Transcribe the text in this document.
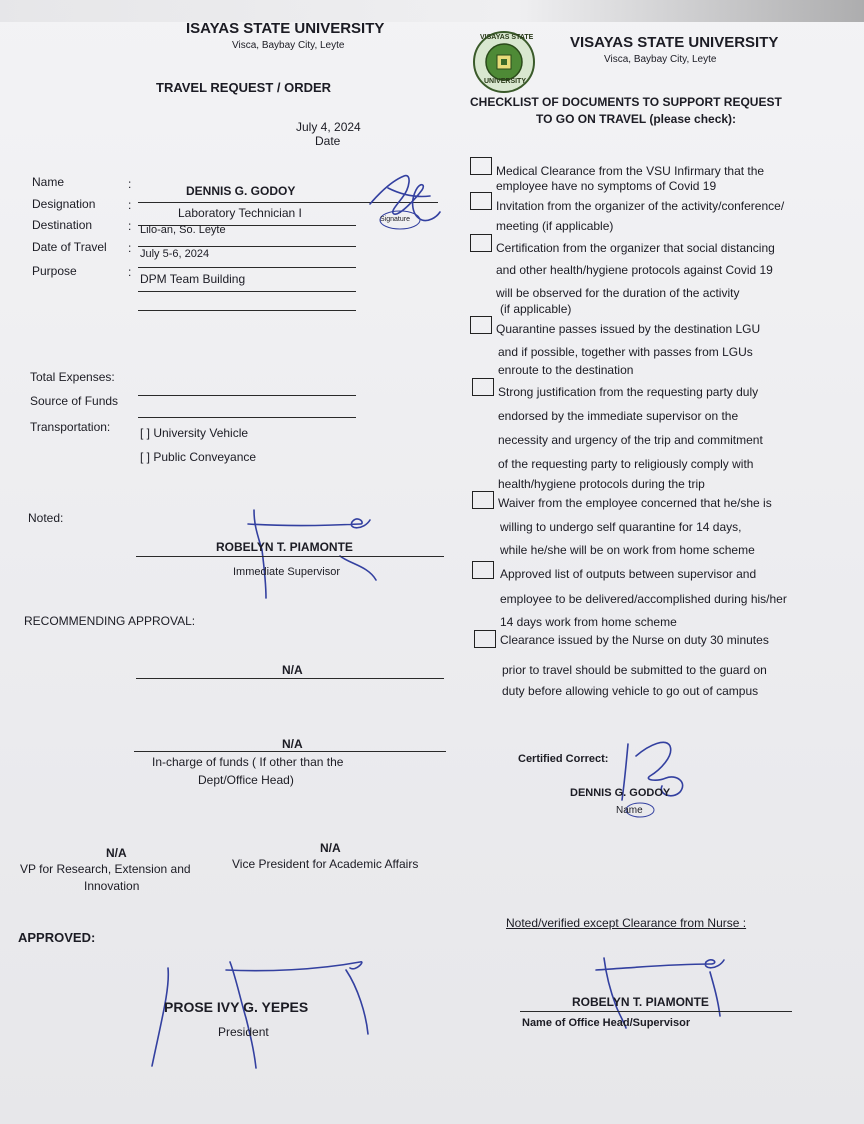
ISAYAS STATE UNIVERSITY
Visca, Baybay City, Leyte
TRAVEL REQUEST / ORDER
July 4, 2024
Date
Name	:	DENNIS G. GODOY
Designation	:
Laboratory Technician I
Destination	: Lilo-an, So. Leyte
Date of Travel : July 5-6, 2024
Purpose	: DPM Team Building
Signature
Total Expenses:
Source of Funds
Transportation: [ ] University Vehicle
[ ] Public Conveyance
Noted:
ROBELYN T. PIAMONTE
Immediate Supervisor
RECOMMENDING APPROVAL:
N/A
N/A
In-charge of funds ( If other than the
Dept/Office Head)
N/A
VP for Research, Extension and
Innovation
N/A
Vice President for Academic Affairs
APPROVED:
PROSE IVY G. YEPES
President
VISAYAS STATE
UNIVERSITY
VISAYAS STATE UNIVERSITY
Visca, Baybay City, Leyte
CHECKLIST OF DOCUMENTS TO SUPPORT REQUEST
TO GO ON TRAVEL (please check):
Medical Clearance from the VSU Infirmary that the
employee have no symptoms of Covid 19
Invitation from the organizer of the activity/conference/
meeting (if applicable)
Certification from the organizer that social distancing
and other health/hygiene protocols against Covid 19
will be observed for the duration of the activity
(if applicable)
Quarantine passes issued by the destination LGU
and if possible, together with passes from LGUs
enroute to the destination
Strong justification from the requesting party duly
endorsed by the immediate supervisor on the
necessity and urgency of the trip and commitment
of the requesting party to religiously comply with
health/hygiene protocols during the trip
Waiver from the employee concerned that he/she is
willing to undergo self quarantine for 14 days,
while he/she will be on work from home scheme
Approved list of outputs between supervisor and
employee to be delivered/accomplished during his/her
14 days work from home scheme
Clearance issued by the Nurse on duty 30 minutes
prior to travel should be submitted to the guard on
duty before allowing vehicle to go out of campus
Certified Correct:
DENNIS G. GODOY
Name
Noted/verified except Clearance from Nurse :
ROBELYN T. PIAMONTE
Name of Office Head/Supervisor
